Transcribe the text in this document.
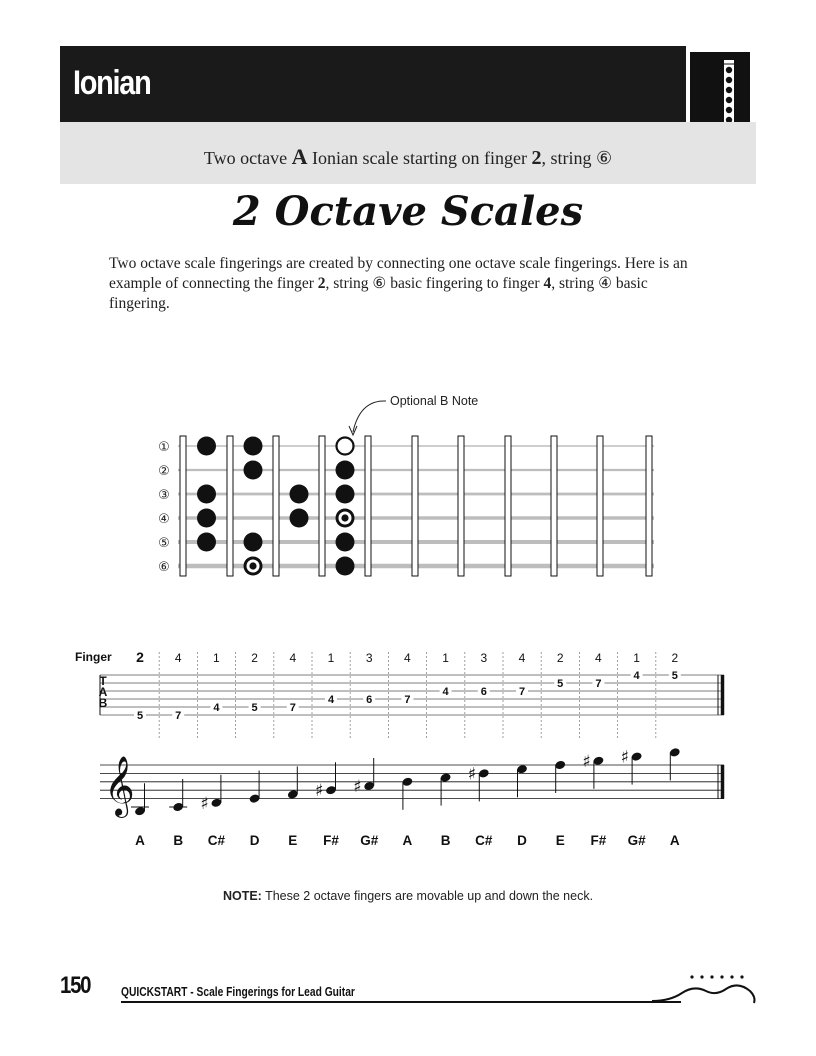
Ionian
Two octave A Ionian scale starting on finger 2, string ⑥
2 Octave Scales
Two octave scale fingerings are created by connecting one octave scale fingerings. Here is an example of connecting the finger 2, string ⑥ basic fingering to finger 4, string ④ basic fingering.
①
②
③
④
⑤
⑥
Optional B Note
Finger
T
A
B
2
5
4
7
1
4
2
5
4
7
1
4
3
6
4
7
1
4
3
6
4
7
2
5
4
7
1
4
2
5
𝄞	♯
♯ ♯
♯
♯ ♯
A B C# D E F# G# A B C# D E F# G# A
NOTE: These 2 octave fingers are movable up and down the neck.
150 QUICKSTART - Scale Fingerings for Lead Guitar
